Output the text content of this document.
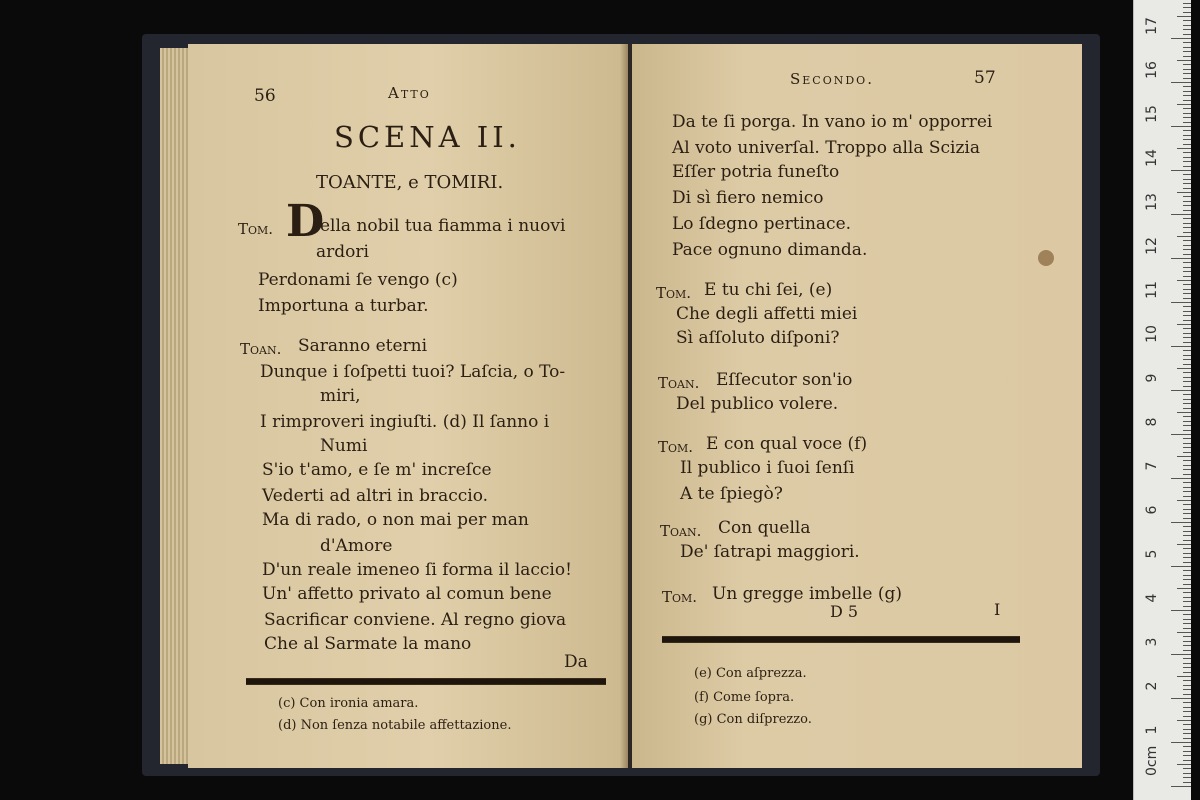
56	Atto
SCENA II.
TOANTE, e TOMIRI.
Tom. D
ella nobil tua fiamma i nuovi
ardori
Perdonami ſe vengo (c)
Importuna a turbar.
Toan. Saranno eterni
Dunque i ſoſpetti tuoi? Laſcia, o To-
miri,
I rimproveri ingiuſti. (d) Il ſanno i
Numi
S'io t'amo, e ſe m' increſce
Vederti ad altri in braccio.
Ma di rado, o non mai per man
d'Amore
D'un reale imeneo ſi forma il laccio!
Un' affetto privato al comun bene
Sacrificar conviene. Al regno giova
Che al Sarmate la mano
Da
(c) Con ironia amara.
(d) Non ſenza notabile affettazione.
Secondo.	57
Da te ſi porga. In vano io m' opporrei
Al voto univerſal. Troppo alla Scizia
Eſſer potria funeſto
Di sì fiero nemico
Lo ſdegno pertinace.
Pace ognuno dimanda.
Tom. E tu chi ſei, (e)
Che degli affetti miei
Sì aſſoluto diſponi?
Toan. Eſſecutor son'io
Del publico volere.
Tom. E con qual voce (f)
Il publico i ſuoi ſenſi
A te ſpiegò?
Toan. Con quella
De' ſatrapi maggiori.
Tom. Un gregge imbelle (g)
D 5	I
(e) Con aſprezza.
(f) Come ſopra.
(g) Con diſprezzo.
0cm
1
2
3
4
5
6
7
8
9
10
11
12
13
14
15
16
17
